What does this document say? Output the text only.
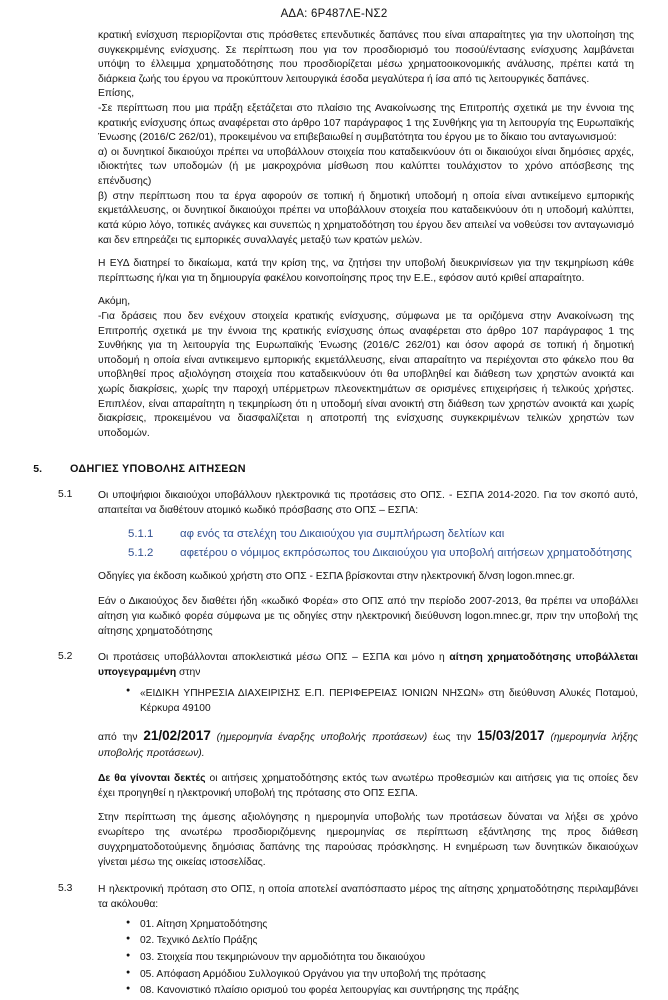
ΑΔΑ: 6Ρ487ΛΕ-ΝΣ2

κρατική ενίσχυση περιορίζονται στις πρόσθετες επενδυτικές δαπάνες που είναι απαραίτητες για την υλοποίηση της συγκεκριμένης ενίσχυσης. Σε περίπτωση που για τον προσδιορισμό του ποσού/έντασης ενίσχυσης λαμβάνεται υπόψη το έλλειμμα χρηματοδότησης που προσδιορίζεται μέσω χρηματοοικονομικής ανάλυσης, πρέπει κατά τη διάρκεια ζωής του έργου να προκύπτουν λειτουργικά έσοδα μεγαλύτερα ή ίσα από τις λειτουργικές δαπάνες.

Επίσης,

-Σε περίπτωση που μια πράξη εξετάζεται στο πλαίσιο της Ανακοίνωσης της Επιτροπής σχετικά με την έννοια της κρατικής ενίσχυσης όπως αναφέρεται στο άρθρο 107 παράγραφος 1 της Συνθήκης για τη λειτουργία της Ευρωπαϊκής Ένωσης (2016/C 262/01), προκειμένου να επιβεβαιωθεί η συμβατότητα του έργου με το δίκαιο του ανταγωνισμού:

α) οι δυνητικοί δικαιούχοι πρέπει να υποβάλλουν στοιχεία που καταδεικνύουν ότι οι δικαιούχοι είναι δημόσιες αρχές, ιδιοκτήτες των υποδομών (ή με μακροχρόνια μίσθωση που καλύπτει τουλάχιστον το χρόνο απόσβεσης της επένδυσης)

β) στην περίπτωση που τα έργα αφορούν σε τοπική ή δημοτική υποδομή η οποία είναι αντικείμενο εμπορικής εκμετάλλευσης, οι δυνητικοί δικαιούχοι πρέπει να υποβάλλουν στοιχεία που καταδεικνύουν ότι η υποδομή καλύπτει, κατά κύριο λόγο, τοπικές ανάγκες και συνεπώς η χρηματοδότηση του έργου δεν απειλεί να νοθεύσει τον ανταγωνισμό και δεν επηρεάζει τις εμπορικές συναλλαγές μεταξύ των κρατών μελών.

Η ΕΥΔ διατηρεί το δικαίωμα, κατά την κρίση της, να ζητήσει την υποβολή διευκρινίσεων για την τεκμηρίωση κάθε περίπτωσης ή/και για τη δημιουργία φακέλου κοινοποίησης προς την Ε.Ε., εφόσον αυτό κριθεί απαραίτητο.

Ακόμη,

-Για δράσεις που δεν ενέχουν στοιχεία κρατικής ενίσχυσης, σύμφωνα με τα οριζόμενα στην Ανακοίνωση της Επιτροπής σχετικά με την έννοια της κρατικής ενίσχυσης όπως αναφέρεται στο άρθρο 107 παράγραφος 1 της Συνθήκης για τη λειτουργία της Ευρωπαϊκής Ένωσης (2016/C 262/01) και όσον αφορά σε τοπική ή δημοτική υποδομή η οποία είναι αντικειμενο εμπορικής εκμετάλλευσης, είναι απαραίτητο να περιέχονται στο φάκελο που θα υποβληθεί προς αξιολόγηση στοιχεία που καταδεικνύουν ότι θα υποβληθεί και διάθεση των χρηστών ανοικτά και χωρίς διακρίσεις, χωρίς την παροχή υπέρμετρων πλεονεκτημάτων σε ορισμένες επιχειρήσεις ή τελικούς χρήστες. Επιπλέον, είναι απαραίτητη η τεκμηρίωση ότι η υποδομή είναι ανοικτή στη διάθεση των χρηστών ανοικτά και χωρίς διακρίσεις, προκειμένου να διασφαλίζεται η αποτροπή της ενίσχυσης συγκεκριμένων τελικών χρηστών των υποδομών.

5.	ΟΔΗΓΙΕΣ ΥΠΟΒΟΛΗΣ ΑΙΤΗΣΕΩΝ
5.1	Οι υποψήφιοι δικαιούχοι υποβάλλουν ηλεκτρονικά τις προτάσεις στο ΟΠΣ. - ΕΣΠΑ 2014-2020. Για τον σκοπό αυτό, απαιτείται να διαθέτουν ατομικό κωδικό πρόσβασης στο ΟΠΣ – ΕΣΠΑ:
5.1.1	αφ ενός τα στελέχη του Δικαιούχου για συμπλήρωση δελτίων και
5.1.2	αφετέρου ο νόμιμος εκπρόσωπος του Δικαιούχου για υποβολή αιτήσεων χρηματοδότησης
Οδηγίες για έκδοση κωδικού χρήστη στο ΟΠΣ - ΕΣΠΑ βρίσκονται στην ηλεκτρονική δ/νση logon.mnec.gr.
Εάν ο Δικαιούχος δεν διαθέτει ήδη «κωδικό Φορέα» στο ΟΠΣ από την περίοδο 2007-2013, θα πρέπει να υποβάλλει αίτηση για κωδικό φορέα σύμφωνα με τις οδηγίες στην ηλεκτρονική διεύθυνση logon.mnec.gr, πριν την υποβολή της αίτησης χρηματοδότησης
5.2	Οι προτάσεις υποβάλλονται αποκλειστικά μέσω ΟΠΣ – ΕΣΠΑ και μόνο η αίτηση χρηματοδότησης υποβάλλεται υπογεγραμμένη στην
● «ΕΙΔΙΚΗ ΥΠΗΡΕΣΙΑ ΔΙΑΧΕΙΡΙΣΗΣ Ε.Π. ΠΕΡΙΦΕΡΕΙΑΣ ΙΟΝΙΩΝ ΝΗΣΩΝ» στη διεύθυνση Αλυκές Ποταμού, Κέρκυρα 49100
από την 21/02/2017 (ημερομηνία έναρξης υποβολής προτάσεων) έως την 15/03/2017 (ημερομηνία λήξης υποβολής προτάσεων).
Δε θα γίνονται δεκτές οι αιτήσεις χρηματοδότησης εκτός των ανωτέρω προθεσμιών και αιτήσεις για τις οποίες δεν έχει προηγηθεί η ηλεκτρονική υποβολή της πρότασης στο ΟΠΣ ΕΣΠΑ.
Στην περίπτωση της άμεσης αξιολόγησης η ημερομηνία υποβολής των προτάσεων δύναται να λήξει σε χρόνο ενωρίτερο της ανωτέρω προσδιοριζόμενης ημερομηνίας σε περίπτωση εξάντλησης της προς διάθεση συγχρηματοδοτούμενης δημόσιας δαπάνης της παρούσας πρόσκλησης. Η ενημέρωση των δυνητικών δικαιούχων γίνεται μέσω της οικείας ιστοσελίδας.
5.3	Η ηλεκτρονική πρόταση στο ΟΠΣ, η οποία αποτελεί αναπόσπαστο μέρος της αίτησης χρηματοδότησης περιλαμβάνει τα ακόλουθα:
● 01. Αίτηση Χρηματοδότησης
● 02. Τεχνικό Δελτίο Πράξης
● 03. Στοιχεία που τεκμηριώνουν την αρμοδιότητα του δικαιούχου
● 05. Απόφαση Αρμόδιου Συλλογικού Οργάνου για την υποβολή της πρότασης
● 08. Κανονιστικό πλαίσιο ορισμού του φορέα λειτουργίας και συντήρησης της πράξης
